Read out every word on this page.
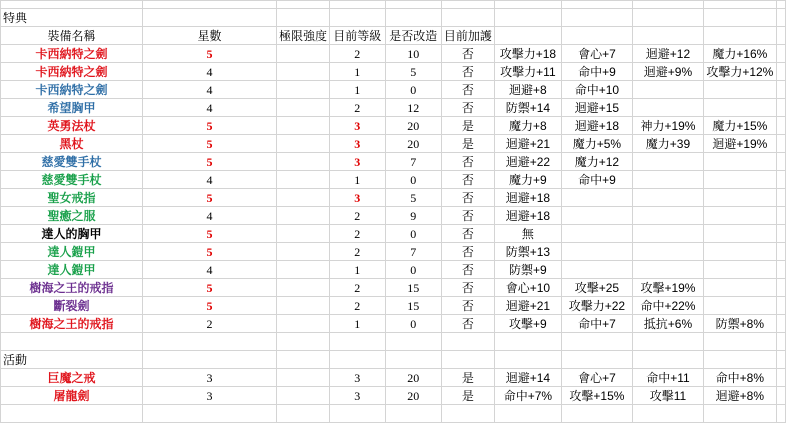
特典										
裝備名稱	星數	極限強度	目前等級	是否改造	目前加護					
卡西納特之劍	5		2	10	否	攻擊力+18	會心+7	迴避+12	魔力+16%	
卡西納特之劍	4		1	5	否	攻擊力+11	命中+9	迴避+9%	攻擊力+12%	
卡西納特之劍	4		1	0	否	迴避+8	命中+10			
希望胸甲	4		2	12	否	防禦+14	迴避+15			
英勇法杖	5		3	20	是	魔力+8	迴避+18	神力+19%	魔力+15%	
黑杖	5		3	20	是	迴避+21	魔力+5%	魔力+39	迴避+19%	
慈愛雙手杖	5		3	7	否	迴避+22	魔力+12			
慈愛雙手杖	4		1	0	否	魔力+9	命中+9			
聖女戒指	5		3	5	否	迴避+18				
聖癒之服	4		2	9	否	迴避+18				
達人的胸甲	5		2	0	否	無				
達人鎧甲	5		2	7	否	防禦+13				
達人鎧甲	4		1	0	否	防禦+9				
樹海之王的戒指	5		2	15	否	會心+10	攻擊+25	攻擊+19%		
斷裂劍	5		2	15	否	迴避+21	攻擊力+22	命中+22%		
樹海之王的戒指	2		1	0	否	攻擊+9	命中+7	抵抗+6%	防禦+8%	

活動										
巨魔之戒	3		3	20	是	迴避+14	會心+7	命中+11	命中+8%	
屠龍劍	3		3	20	是	命中+7%	攻擊+15%	攻擊11	迴避+8%	
